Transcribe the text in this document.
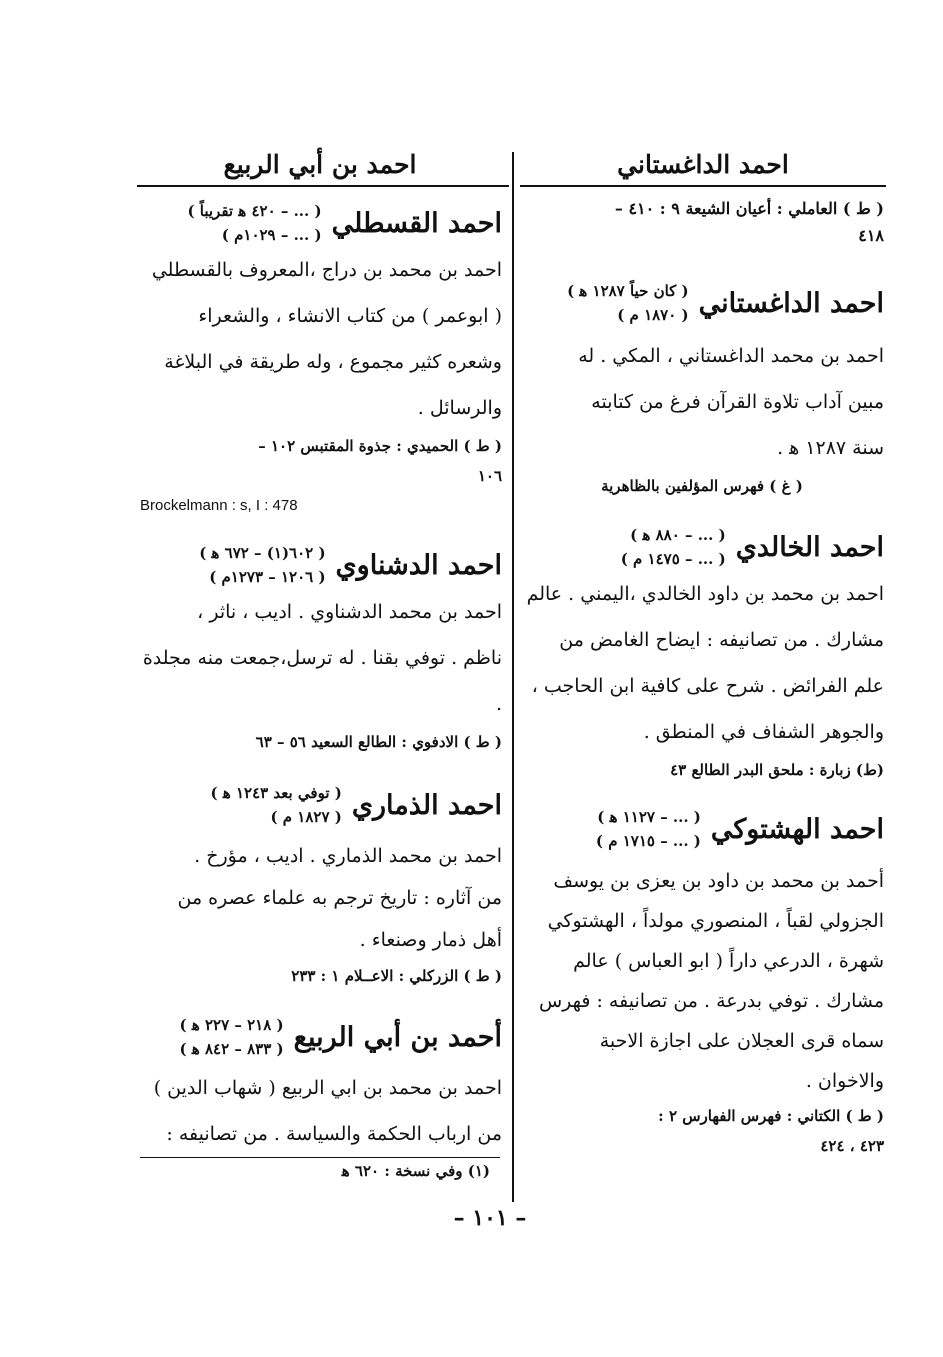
احمد الداغستاني
احمد بن أبي الربيع
( ط ) العاملي : أعيان الشيعة ٩ : ٤١٠ –
٤١٨
احمد الداغستاني
( كان حياً ١٢٨٧ ﻫ )
( ١٨٧٠ م )
احمد بن محمد الداغستاني ، المكي . له
مبين آداب تلاوة القرآن فرغ من كتابته
سنة ١٢٨٧ ﻫ .
( غ ) فهرس المؤلفين بالظاهرية
احمد الخالدي
( ... – ٨٨٠ ﻫ )
( ... – ١٤٧٥ م )
احمد بن محمد بن داود الخالدي ،اليمني . عالم
مشارك . من تصانيفه : ايضاح الغامض من
علم الفرائض . شرح على كافية ابن الحاجب ،
والجوهر الشفاف في المنطق .
(ط) زبارة : ملحق البدر الطالع ٤٣
احمد الهشتوكي
( ... – ١١٢٧ ﻫ )
( ... – ١٧١٥ م )
أحمد بن محمد بن داود بن يعزى بن يوسف
الجزولي لقباً ، المنصوري مولداً ، الهشتوكي
شهرة ، الدرعي داراً ( ابو العباس ) عالم
مشارك . توفي بدرعة . من تصانيفه : فهرس
سماه قرى العجلان على اجازة الاحبة
والاخوان .
( ط ) الكتاني : فهرس الفهارس ٢ :
٤٢٣ ، ٤٢٤
احمد القسطلي
( ... – ٤٢٠ ﻫ تقريباً )
( ... – ١٠٢٩م )
احمد بن محمد بن دراج ،المعروف بالقسطلي
( ابوعمر ) من كتاب الانشاء ، والشعراء
وشعره كثير مجموع ، وله طريقة في البلاغة
والرسائل .
( ط ) الحميدي : جذوة المقتبس ١٠٢ –
١٠٦
Brockelmann : s, I : 478
احمد الدشناوي
( ٦٠٢(١) – ٦٧٢ ﻫ )
( ١٢٠٦ – ١٢٧٣م )
احمد بن محمد الدشناوي . اديب ، ناثر ،
ناظم . توفي بقنا . له ترسل،جمعت منه مجلدة .
( ط ) الادفوي : الطالع السعيد ٥٦ – ٦٣
احمد الذماري
( توفي بعد ١٢٤٣ ﻫ )
( ١٨٢٧ م )
احمد بن محمد الذماري . اديب ، مؤرخ .
من آثاره : تاريخ ترجم به علماء عصره من
أهل ذمار وصنعاء .
( ط ) الزركلي : الاعــلام ١ : ٢٣٣
أحمد بن أبي الربيع
( ٢١٨ – ٢٢٧ ﻫ )
( ٨٣٣ – ٨٤٢ ﻫ )
احمد بن محمد بن ابي الربيع ( شهاب الدين )
من ارباب الحكمة والسياسة . من تصانيفه :
(١) وفي نسخة : ٦٢٠ ﻫ
– ١٠١ –
